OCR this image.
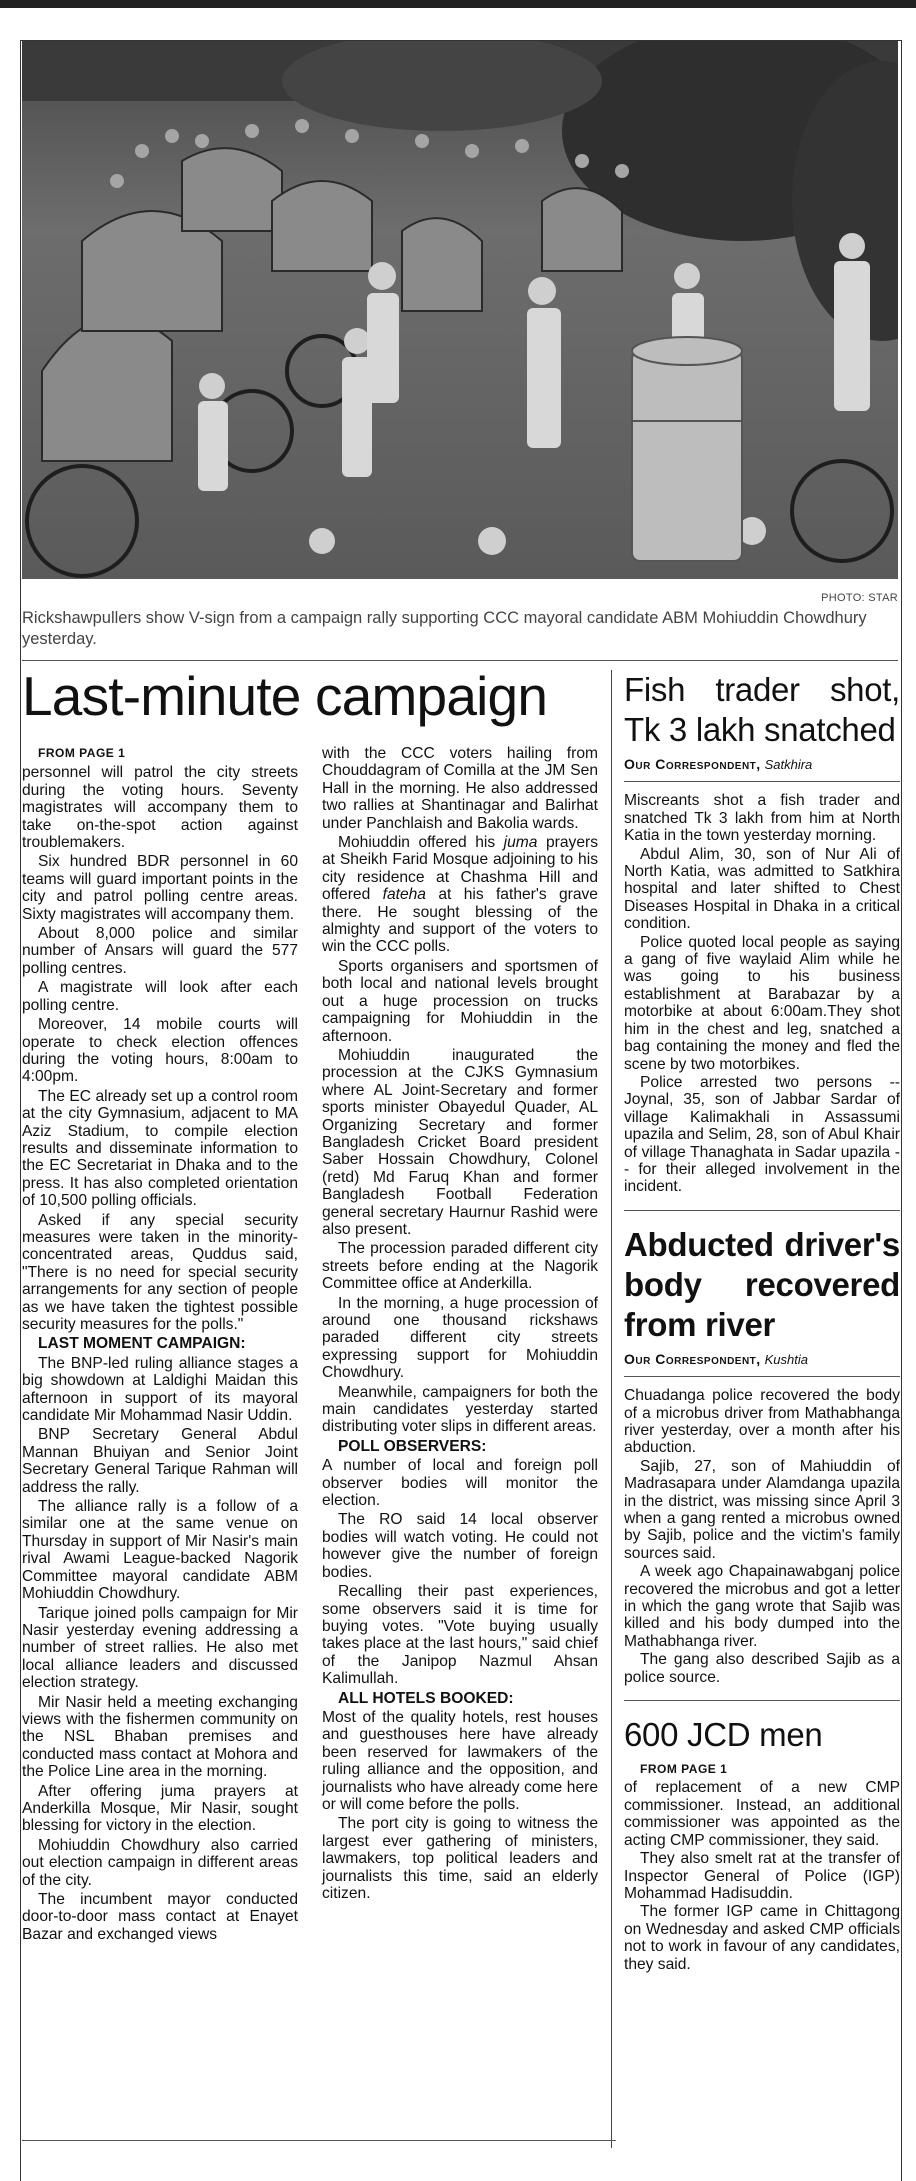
PHOTO: STAR
Rickshawpullers show V-sign from a campaign rally supporting CCC mayoral candidate ABM Mohiuddin Chowdhury yesterday.
Last-minute campaign

FROM PAGE 1

personnel will patrol the city streets during the voting hours. Seventy magistrates will accompany them to take on-the-spot action against troublemakers.

Six hundred BDR personnel in 60 teams will guard important points in the city and patrol polling centre areas. Sixty magistrates will accompany them.

About 8,000 police and similar number of Ansars will guard the 577 polling centres.

A magistrate will look after each polling centre.

Moreover, 14 mobile courts will operate to check election offences during the voting hours, 8:00am to 4:00pm.

The EC already set up a control room at the city Gymnasium, adjacent to MA Aziz Stadium, to compile election results and disseminate information to the EC Secretariat in Dhaka and to the press. It has also completed orientation of 10,500 polling officials.

Asked if any special security measures were taken in the minority-concentrated areas, Quddus said, "There is no need for special security arrangements for any section of people as we have taken the tightest possible security measures for the polls."

LAST MOMENT CAMPAIGN:

The BNP-led ruling alliance stages a big showdown at Laldighi Maidan this afternoon in support of its mayoral candidate Mir Mohammad Nasir Uddin.

BNP Secretary General Abdul Mannan Bhuiyan and Senior Joint Secretary General Tarique Rahman will address the rally.

The alliance rally is a follow of a similar one at the same venue on Thursday in support of Mir Nasir's main rival Awami League-backed Nagorik Committee mayoral candidate ABM Mohiuddin Chowdhury.

Tarique joined polls campaign for Mir Nasir yesterday evening addressing a number of street rallies. He also met local alliance leaders and discussed election strategy.

Mir Nasir held a meeting exchanging views with the fishermen community on the NSL Bhaban premises and conducted mass contact at Mohora and the Police Line area in the morning.

After offering juma prayers at Anderkilla Mosque, Mir Nasir, sought blessing for victory in the election.

Mohiuddin Chowdhury also carried out election campaign in different areas of the city.

The incumbent mayor conducted door-to-door mass contact at Enayet Bazar and exchanged views

with the CCC voters hailing from Chouddagram of Comilla at the JM Sen Hall in the morning. He also addressed two rallies at Shantinagar and Balirhat under Panchlaish and Bakolia wards.

Mohiuddin offered his juma prayers at Sheikh Farid Mosque adjoining to his city residence at Chashma Hill and offered fateha at his father's grave there. He sought blessing of the almighty and support of the voters to win the CCC polls.

Sports organisers and sportsmen of both local and national levels brought out a huge procession on trucks campaigning for Mohiuddin in the afternoon.

Mohiuddin inaugurated the procession at the CJKS Gymnasium where AL Joint-Secretary and former sports minister Obayedul Quader, AL Organizing Secretary and former Bangladesh Cricket Board president Saber Hossain Chowdhury, Colonel (retd) Md Faruq Khan and former Bangladesh Football Federation general secretary Haurnur Rashid were also present.

The procession paraded different city streets before ending at the Nagorik Committee office at Anderkilla.

In the morning, a huge procession of around one thousand rickshaws paraded different city streets expressing support for Mohiuddin Chowdhury.

Meanwhile, campaigners for both the main candidates yesterday started distributing voter slips in different areas.

POLL OBSERVERS:

A number of local and foreign poll observer bodies will monitor the election.

The RO said 14 local observer bodies will watch voting. He could not however give the number of foreign bodies.

Recalling their past experiences, some observers said it is time for buying votes. "Vote buying usually takes place at the last hours," said chief of the Janipop Nazmul Ahsan Kalimullah.

ALL HOTELS BOOKED:

Most of the quality hotels, rest houses and guesthouses here have already been reserved for lawmakers of the ruling alliance and the opposition, and journalists who have already come here or will come before the polls.

The port city is going to witness the largest ever gathering of ministers, lawmakers, top political leaders and journalists this time, said an elderly citizen.

Fish trader shot, Tk 3 lakh snatched
Our Correspondent, Satkhira

Miscreants shot a fish trader and snatched Tk 3 lakh from him at North Katia in the town yesterday morning.

Abdul Alim, 30, son of Nur Ali of North Katia, was admitted to Satkhira hospital and later shifted to Chest Diseases Hospital in Dhaka in a critical condition.

Police quoted local people as saying a gang of five waylaid Alim while he was going to his business establishment at Barabazar by a motorbike at about 6:00am.They shot him in the chest and leg, snatched a bag containing the money and fled the scene by two motorbikes.

Police arrested two persons -- Joynal, 35, son of Jabbar Sardar of village Kalimakhali in Assassumi upazila and Selim, 28, son of Abul Khair of village Thanaghata in Sadar upazila -- for their alleged involvement in the incident.

Abducted driver's body recovered from river
Our Correspondent, Kushtia

Chuadanga police recovered the body of a microbus driver from Mathabhanga river yesterday, over a month after his abduction.

Sajib, 27, son of Mahiuddin of Madrasapara under Alamdanga upazila in the district, was missing since April 3 when a gang rented a microbus owned by Sajib, police and the victim's family sources said.

A week ago Chapainawabganj police recovered the microbus and got a letter in which the gang wrote that Sajib was killed and his body dumped into the Mathabhanga river.

The gang also described Sajib as a police source.

600 JCD men

FROM PAGE 1

of replacement of a new CMP commissioner. Instead, an additional commissioner was appointed as the acting CMP commissioner, they said.

They also smelt rat at the transfer of Inspector General of Police (IGP) Mohammad Hadisuddin.

The former IGP came in Chittagong on Wednesday and asked CMP officials not to work in favour of any candidates, they said.
